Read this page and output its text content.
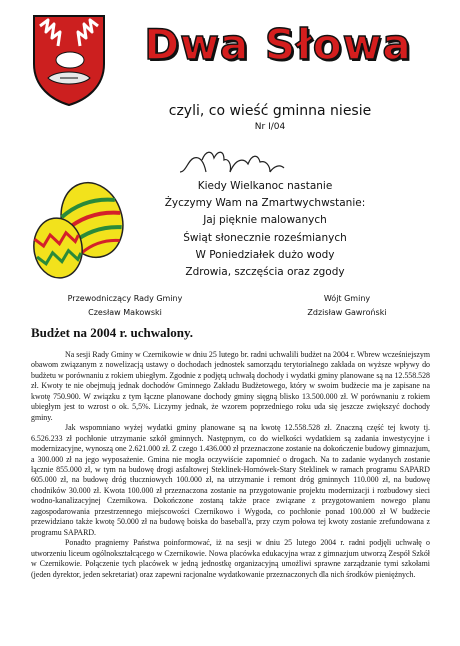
Dwa Słowa
czyli, co wieść gminna niesie
Nr I/04
Kiedy Wielkanoc nastanie
Życzymy Wam na Zmartwychwstanie:
Jaj pięknie malowanych
Świąt słonecznie roześmianych
W Poniedziałek dużo wody
Zdrowia, szczęścia oraz zgody
Przewodniczący Rady Gminy
Czesław Makowski
Wójt Gminy
Zdzisław Gawroński
Budżet na 2004 r. uchwalony.

Na sesji Rady Gminy w Czernikowie w dniu 25 lutego br. radni uchwalili budżet na 2004 r. Wbrew wcześniejszym obawom związanym z nowelizacją ustawy o dochodach jednostek samorządu terytorialnego zakłada on wyższe wpływy do budżetu w porównaniu z rokiem ubiegłym. Zgodnie z podjętą uchwałą dochody i wydatki gminy planowane są na 12.558.528 zł. Kwoty te nie obejmują jednak dochodów Gminnego Zakładu Budżetowego, który w swoim budżecie ma je zapisane na kwotę 750.900. W związku z tym łączne planowane dochody gminy sięgną blisko 13.500.000 zł. W porównaniu z rokiem ubiegłym jest to wzrost o ok. 5,5%. Liczymy jednak, że wzorem poprzedniego roku uda się jeszcze zwiększyć dochody gminy.

Jak wspomniano wyżej wydatki gminy planowane są na kwotę 12.558.528 zł. Znaczną część tej kwoty tj. 6.526.233 zł pochłonie utrzymanie szkół gminnych. Następnym, co do wielkości wydatkiem są zadania inwestycyjne i modernizacyjne, wynoszą one 2.621.000 zł. Z czego 1.436.000 zł przeznaczone zostanie na dokończenie budowy gimnazjum, a 300.000 zł na jego wyposażenie. Gmina nie mogła oczywiście zapomnieć o drogach. Na to zadanie wydanych zostanie łącznie 855.000 zł, w tym na budowę drogi asfaltowej Steklinek-Hornówek-Stary Steklinek w ramach programu SAPARD 605.000 zł, na budowę dróg tłuczniowych 100.000 zł, na utrzymanie i remont dróg gminnych 110.000 zł, na budowę chodników 30.000 zł. Kwota 100.000 zł przeznaczona zostanie na przygotowanie projektu modernizacji i rozbudowy sieci wodno-kanalizacyjnej Czernikowa. Dokończone zostaną także prace związane z przygotowaniem nowego planu zagospodarowania przestrzennego miejscowości Czernikowo i Wygoda, co pochłonie ponad 100.000 zł W budżecie przewidziano także kwotę 50.000 zł na budowę boiska do baseball'a, przy czym połowa tej kwoty zostanie zrefundowana z programu SAPARD.

Ponadto pragniemy Państwa poinformować, iż na sesji w dniu 25 lutego 2004 r. radni podjęli uchwałę o utworzeniu liceum ogólnokształcącego w Czernikowie. Nowa placówka edukacyjna wraz z gimnazjum utworzą Zespół Szkół w Czernikowie. Połączenie tych placówek w jedną jednostkę organizacyjną umożliwi sprawne zarządzanie tymi szkołami (jeden dyrektor, jeden sekretariat) oraz zapewni racjonalne wydatkowanie przeznaczonych dla nich środków pieniężnych.
